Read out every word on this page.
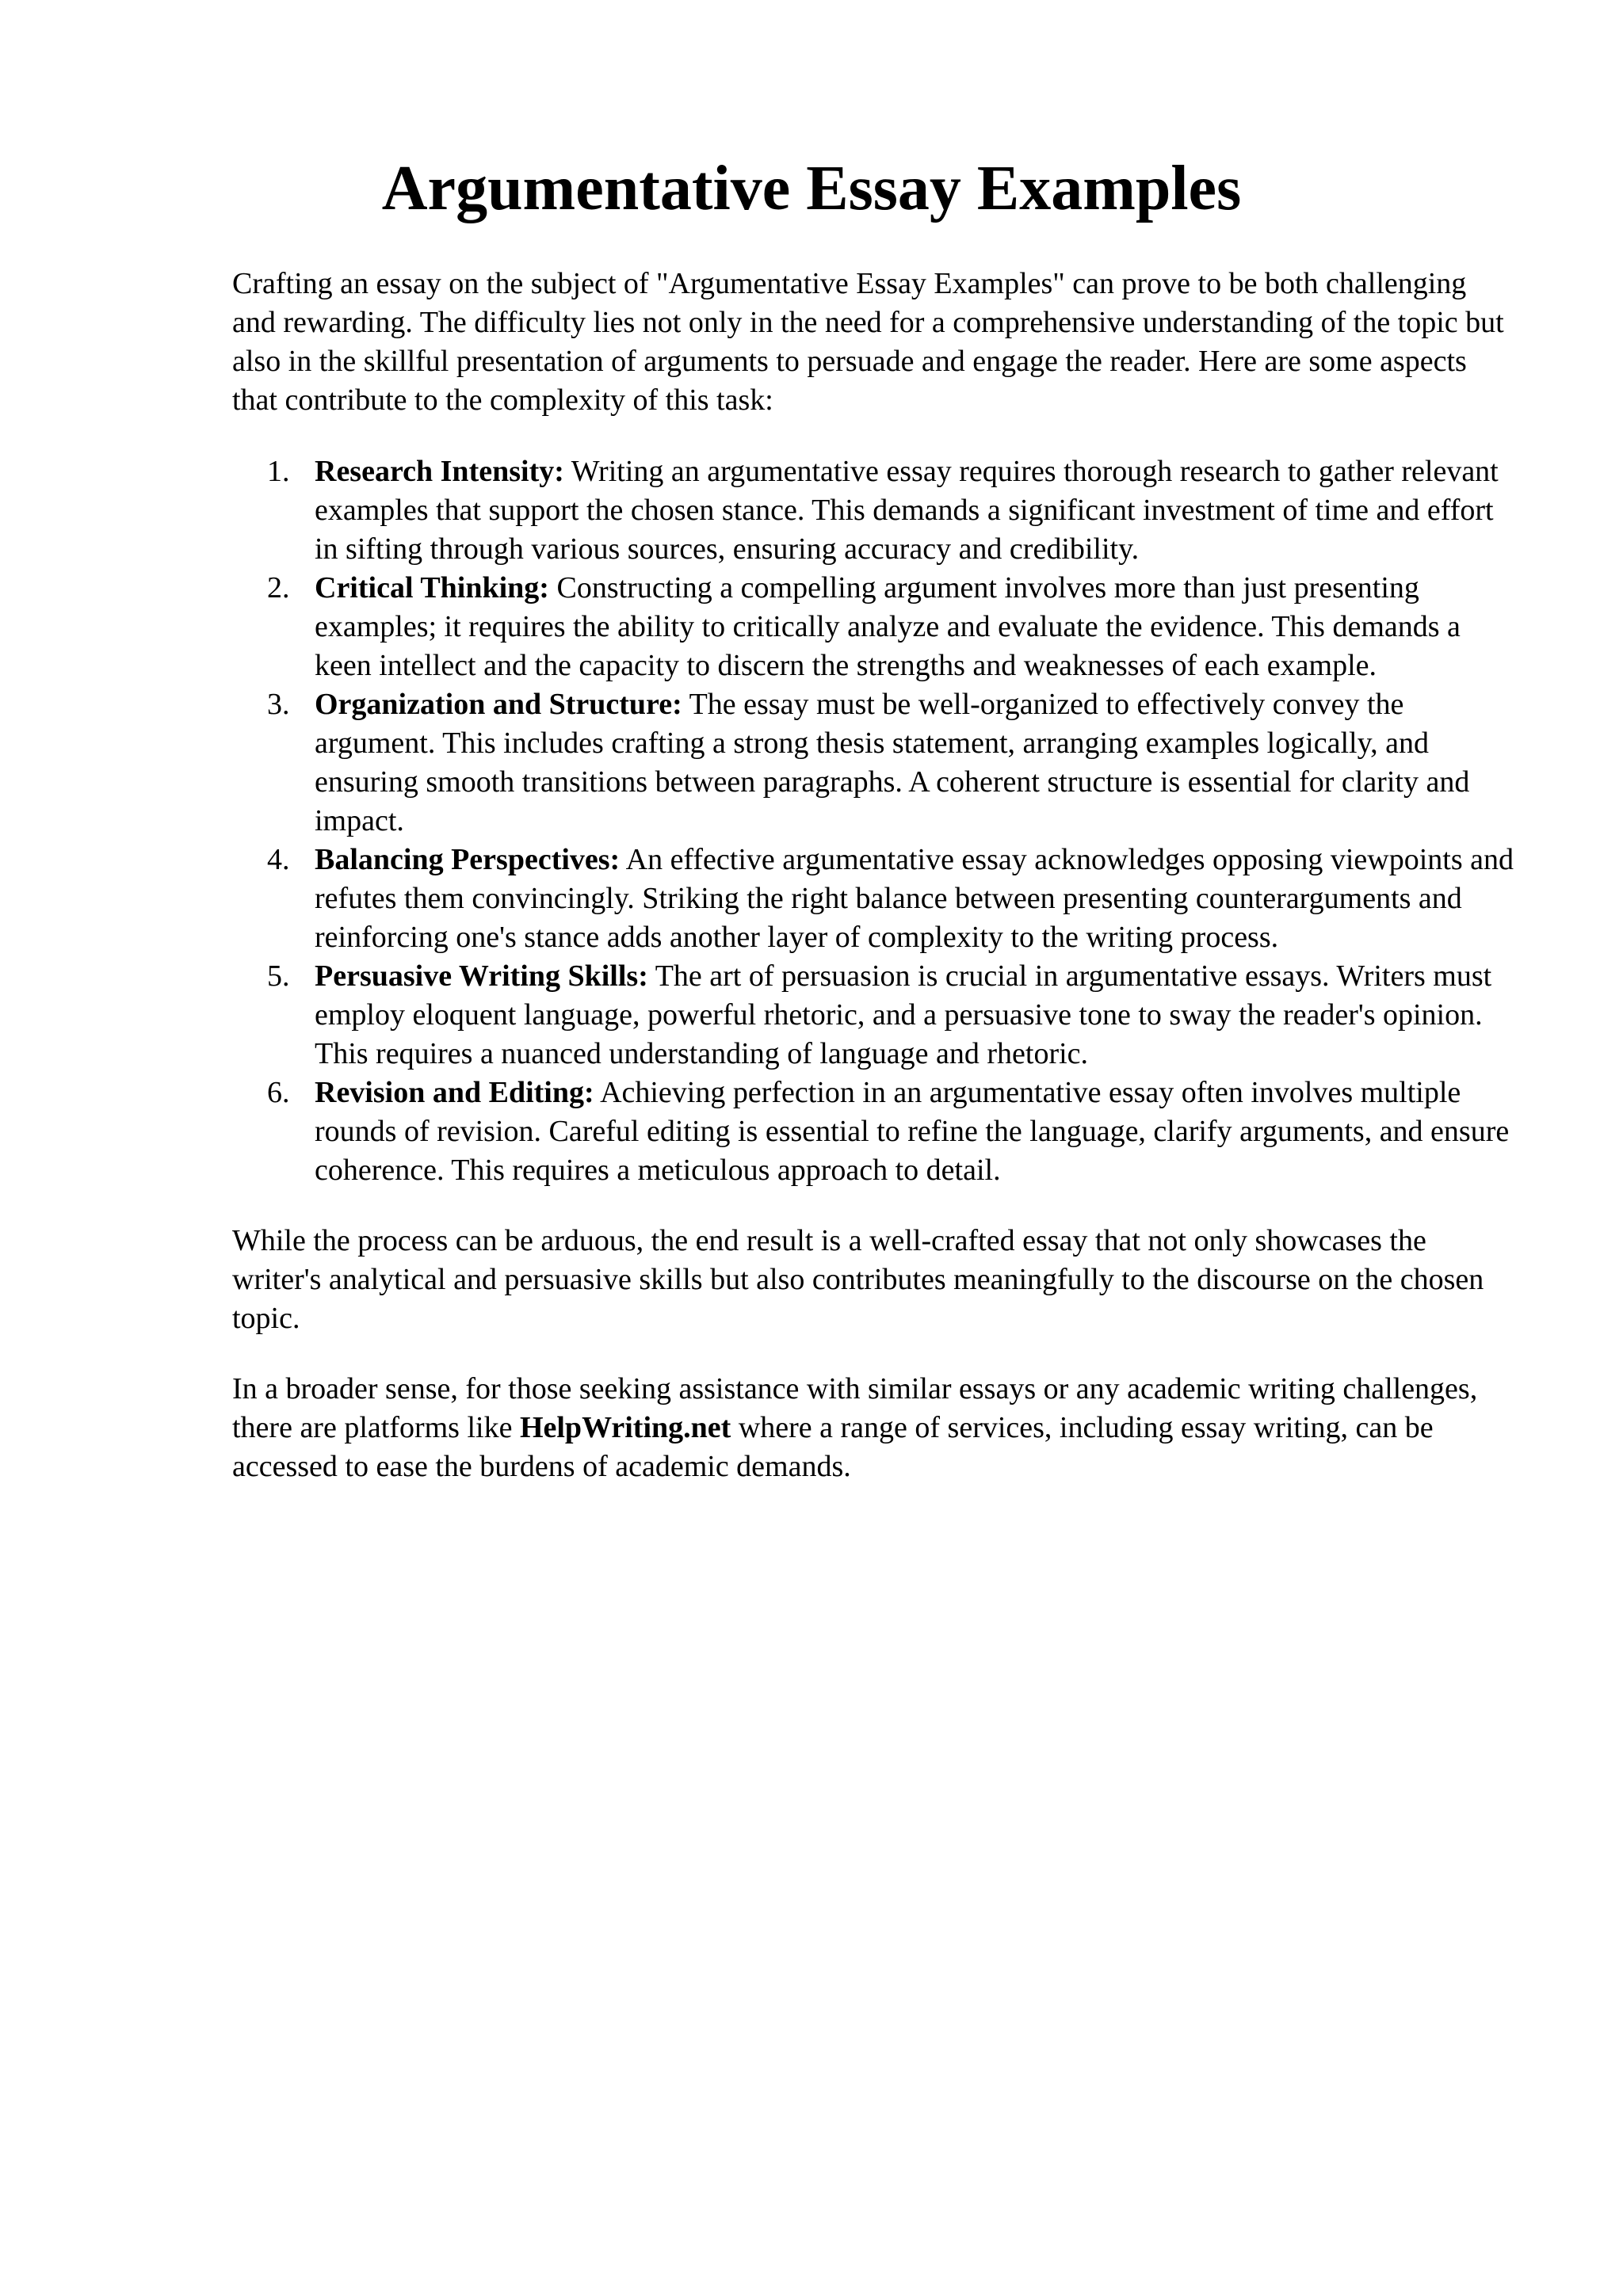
Argumentative Essay Examples

Crafting an essay on the subject of "Argumentative Essay Examples" can prove to be both challenging and rewarding. The difficulty lies not only in the need for a comprehensive understanding of the topic but also in the skillful presentation of arguments to persuade and engage the reader. Here are some aspects that contribute to the complexity of this task:

Research Intensity: Writing an argumentative essay requires thorough research to gather relevant examples that support the chosen stance. This demands a significant investment of time and effort in sifting through various sources, ensuring accuracy and credibility.
Critical Thinking: Constructing a compelling argument involves more than just presenting examples; it requires the ability to critically analyze and evaluate the evidence. This demands a keen intellect and the capacity to discern the strengths and weaknesses of each example.
Organization and Structure: The essay must be well-organized to effectively convey the argument. This includes crafting a strong thesis statement, arranging examples logically, and ensuring smooth transitions between paragraphs. A coherent structure is essential for clarity and impact.
Balancing Perspectives: An effective argumentative essay acknowledges opposing viewpoints and refutes them convincingly. Striking the right balance between presenting counterarguments and reinforcing one's stance adds another layer of complexity to the writing process.
Persuasive Writing Skills: The art of persuasion is crucial in argumentative essays. Writers must employ eloquent language, powerful rhetoric, and a persuasive tone to sway the reader's opinion. This requires a nuanced understanding of language and rhetoric.
Revision and Editing: Achieving perfection in an argumentative essay often involves multiple rounds of revision. Careful editing is essential to refine the language, clarify arguments, and ensure coherence. This requires a meticulous approach to detail.

While the process can be arduous, the end result is a well-crafted essay that not only showcases the writer's analytical and persuasive skills but also contributes meaningfully to the discourse on the chosen topic.

In a broader sense, for those seeking assistance with similar essays or any academic writing challenges, there are platforms like HelpWriting.net where a range of services, including essay writing, can be accessed to ease the burdens of academic demands.
